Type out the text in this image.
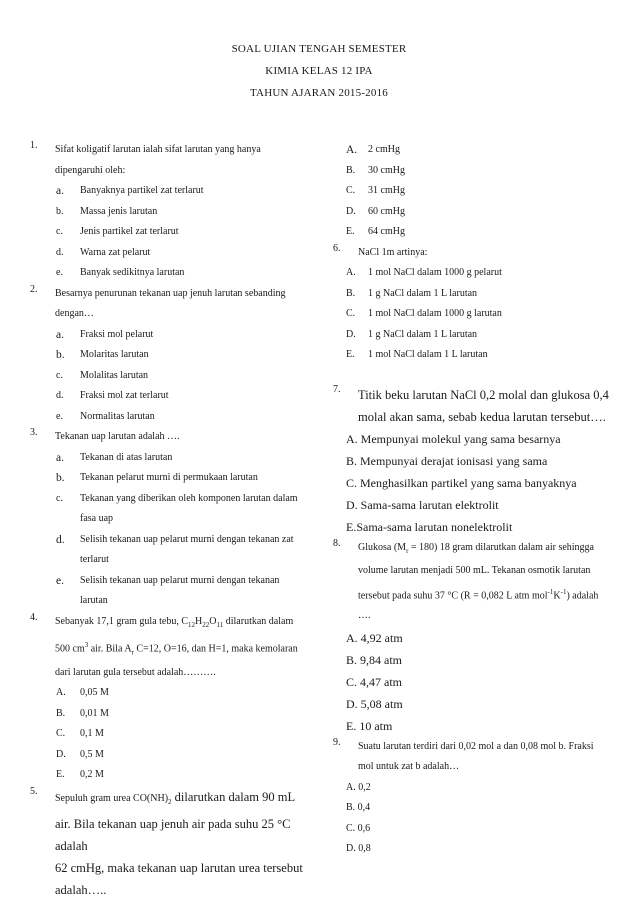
SOAL UJIAN TENGAH SEMESTER
KIMIA KELAS 12 IPA
TAHUN AJARAN 2015-2016
1. Sifat koligatif larutan ialah sifat larutan yang hanya
dipengaruhi oleh:
a. Banyaknya partikel zat terlarut
b. Massa jenis larutan
c. Jenis partikel zat terlarut
d. Warna zat pelarut
e. Banyak sedikitnya larutan
2. Besarnya penurunan tekanan uap jenuh larutan sebanding
dengan…
a. Fraksi mol pelarut
b. Molaritas larutan
c. Molalitas larutan
d. Fraksi mol zat terlarut
e. Normalitas larutan
3. Tekanan uap larutan adalah ….
a. Tekanan di atas larutan
b. Tekanan pelarut murni di permukaan larutan
c. Tekanan yang diberikan oleh komponen larutan dalam
fasa uap
d. Selisih tekanan uap pelarut murni dengan tekanan zat
terlarut
e. Selisih tekanan uap pelarut murni dengan tekanan
larutan
4. Sebanyak 17,1 gram gula tebu, $C_{12}H_{22}O_{11}$ dilarutkan dalam
500 $cm^3$ air. Bila $A_r$ C=12, O=16, dan H=1, maka kemolaran
dari larutan gula tersebut adalah……….
A. 0,05 M
B. 0,01 M
C. 0,1 M
D. 0,5 M
E. 0,2 M
5.
Sepuluh gram urea $CO(NH)_2$ dilarutkan dalam 90 mL
air. Bila tekanan uap jenuh air pada suhu 25 °C adalah
62 cmHg, maka tekanan uap larutan urea tersebut
adalah…..
A.	2 cmHg
B.	30 cmHg
C.	31 cmHg
D.	60 cmHg
E.	64 cmHg
6.	NaCl 1m artinya:
A.	1 mol NaCl dalam 1000 g pelarut
B.	1 g NaCl dalam 1 L larutan
C.	1 mol NaCl dalam 1000 g larutan
D.	1 g NaCl dalam 1 L larutan
E.	1 mol NaCl dalam 1 L larutan
7. Titik beku larutan NaCl 0,2 molal dan glukosa 0,4
molal akan sama, sebab kedua larutan tersebut….
A. Mempunyai molekul yang sama besarnya
B. Mempunyai derajat ionisasi yang sama
C. Menghasilkan partikel yang sama banyaknya
D. Sama-sama larutan elektrolit
E.Sama-sama larutan nonelektrolit
8. Glukosa $(M_r = 180)$ 18 gram dilarutkan dalam air sehingga
volume larutan menjadi 500 mL. Tekanan osmotik larutan
tersebut pada suhu 37 °C (R = 0,082 L atm $mol^{-1}K^{-1}$) adalah
….
A. 4,92 atm
B. 9,84 atm
C. 4,47 atm
D. 5,08 atm
E. 10 atm
9. Suatu larutan terdiri dari 0,02 mol a dan 0,08 mol b. Fraksi
mol untuk zat b adalah…
A. 0,2
B. 0,4
C. 0,6
D. 0,8
